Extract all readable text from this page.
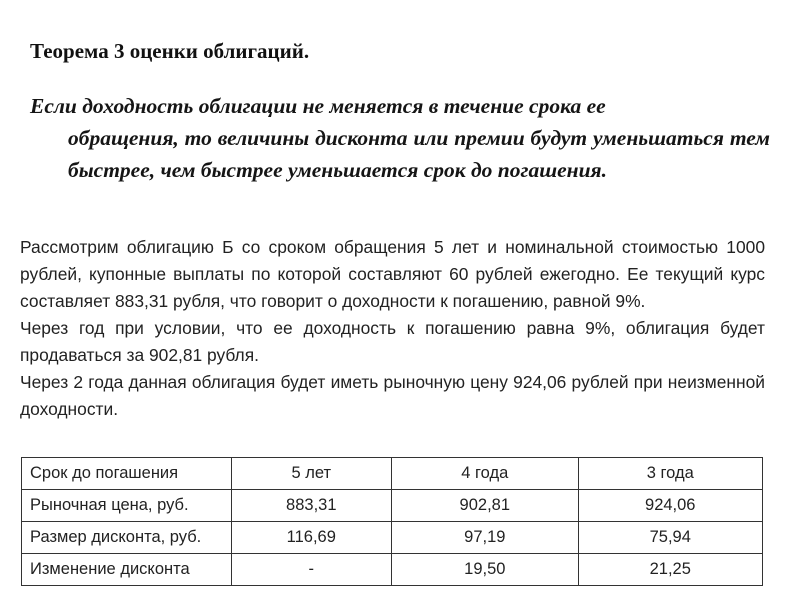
Теорема 3 оценки облигаций.
Если доходность облигации не меняется в течение срока ее
обращения, то величины дисконта или премии будут уменьшаться тем быстрее, чем быстрее уменьшается срок до погашения.

Рассмотрим облигацию Б со сроком обращения 5 лет и номинальной стоимостью 1000 рублей, купонные выплаты по которой составляют 60 рублей ежегодно. Ее текущий курс составляет 883,31 рубля, что говорит о доходности к погашению, равной 9%.

Через год при условии, что ее доходность к погашению равна 9%, облигация будет продаваться за 902,81 рубля.

Через 2 года данная облигация будет иметь рыночную цену 924,06 рублей при неизменной доходности.

Срок до погашения	5 лет	4 года	3 года
Рыночная цена, руб.	883,31	902,81	924,06
Размер дисконта, руб.	116,69	97,19	75,94
Изменение дисконта	-	19,50	21,25
